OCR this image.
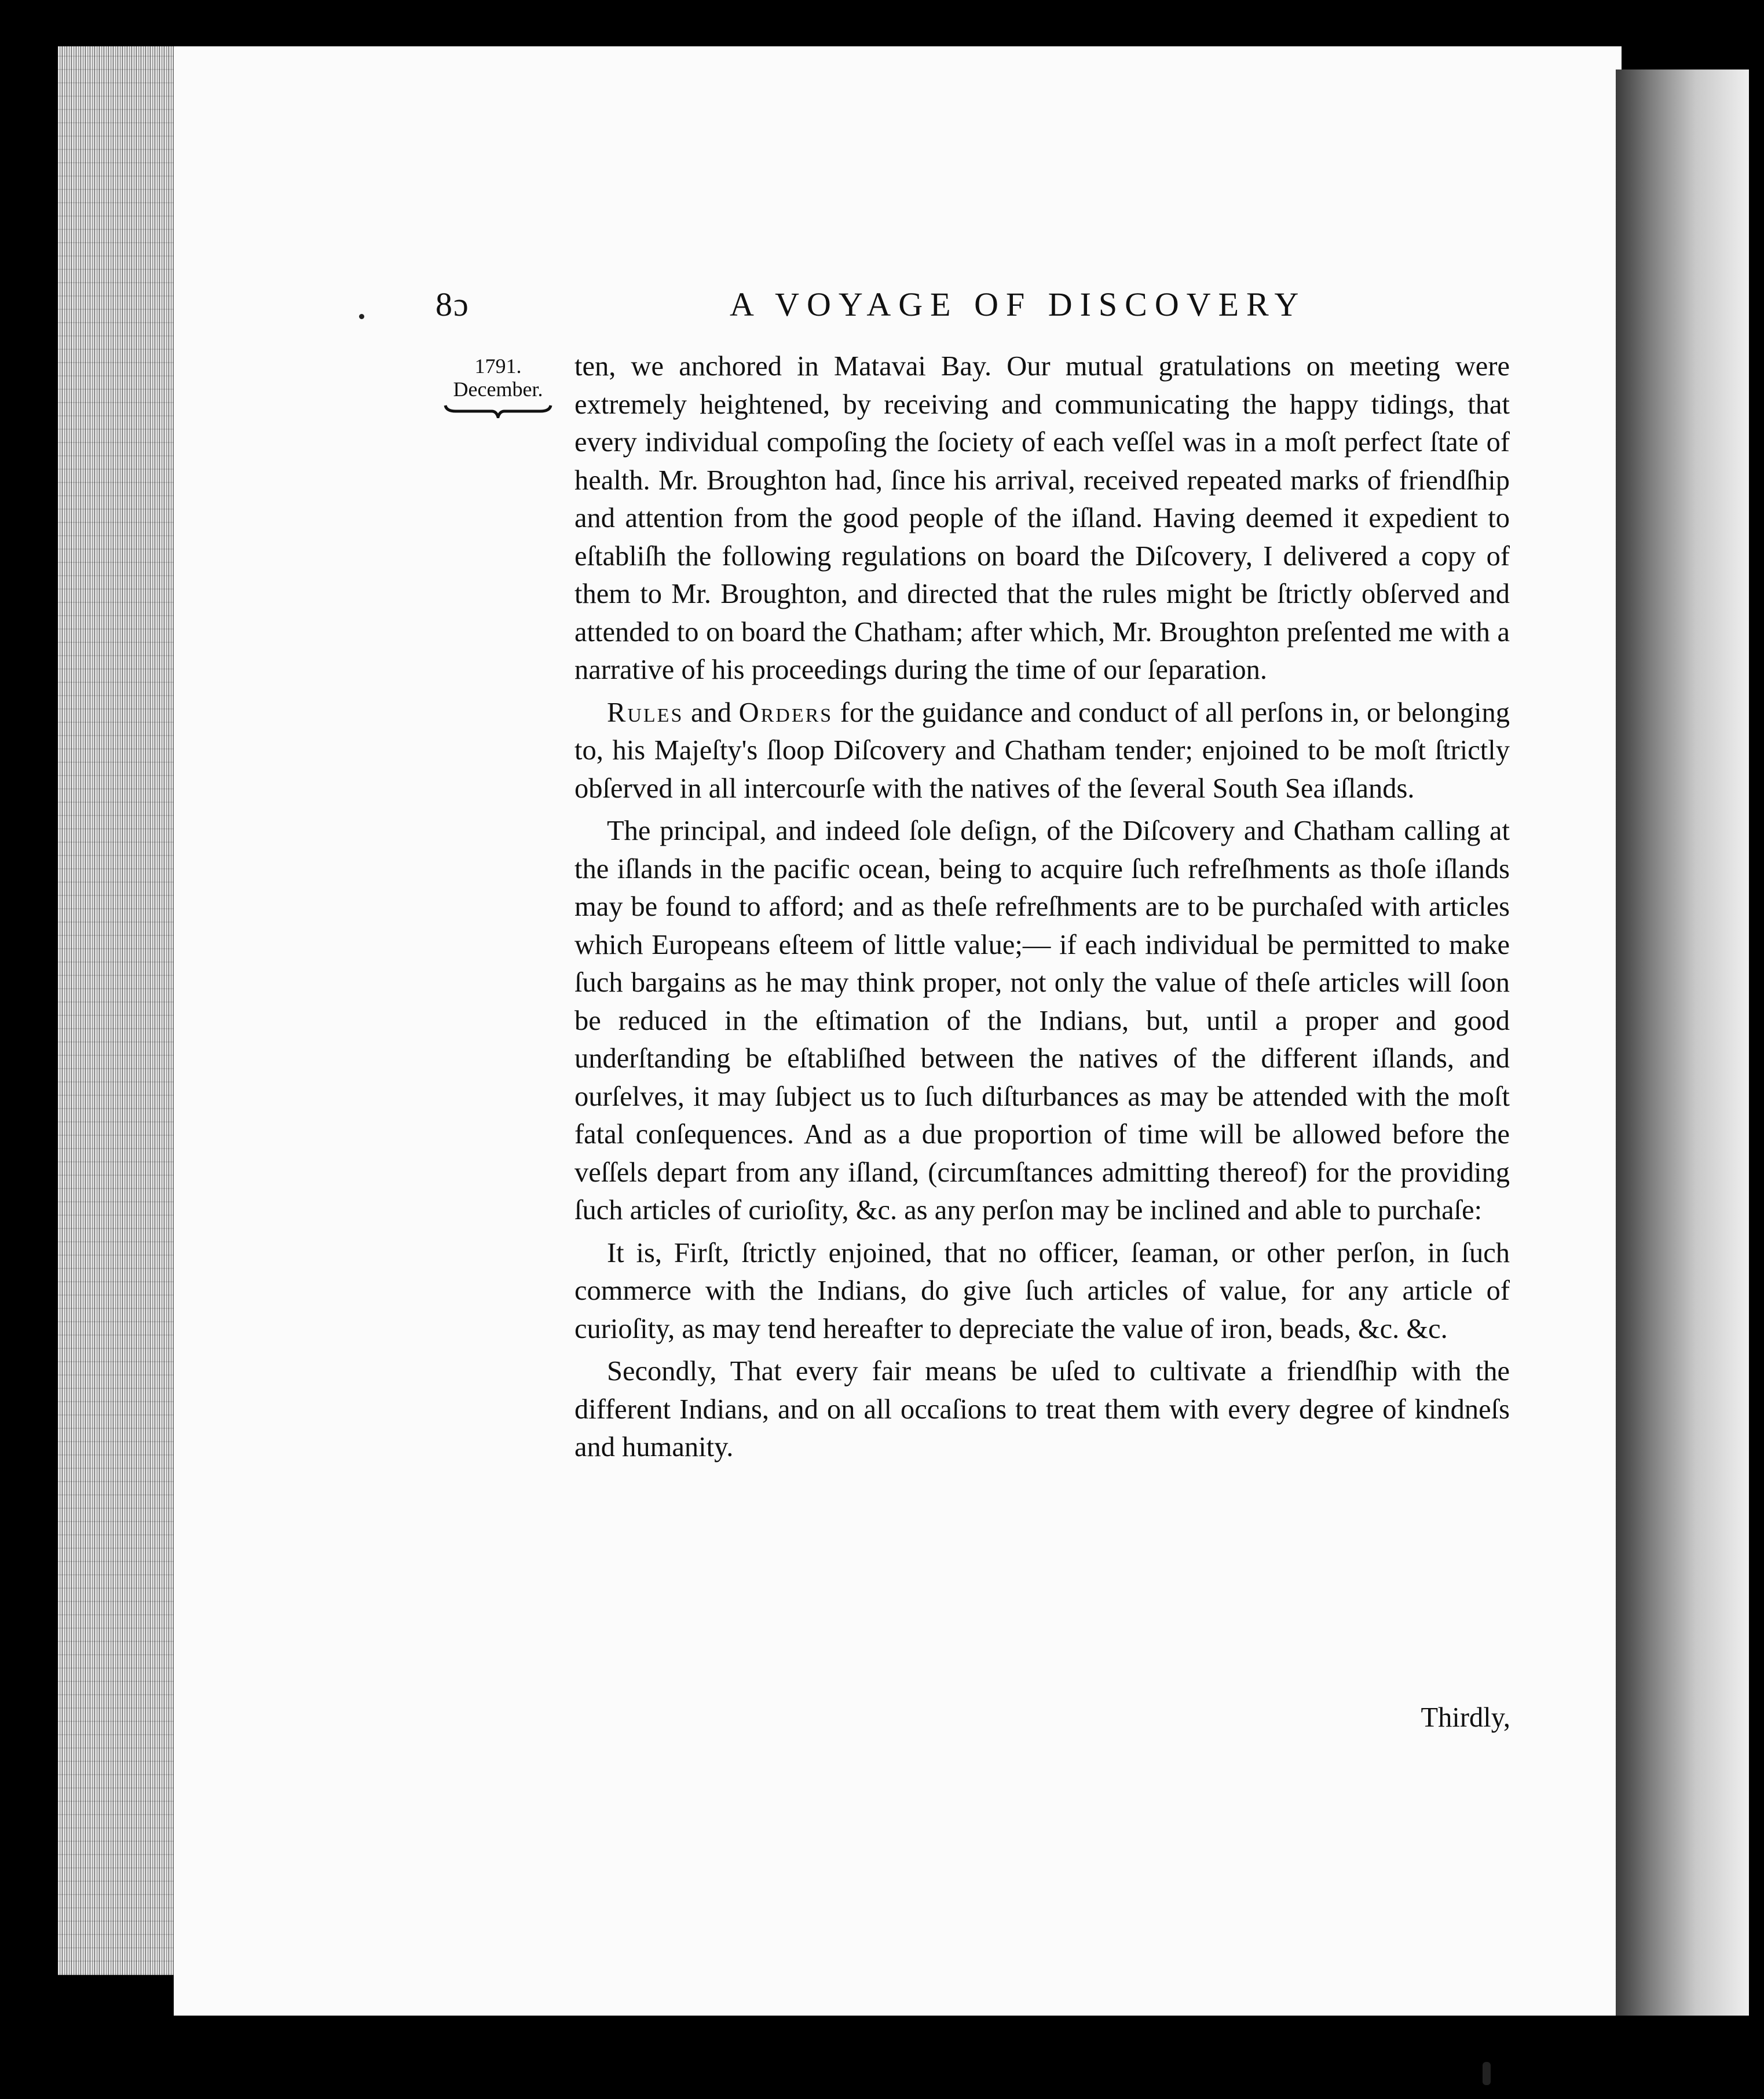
8ɔ	A VOYAGE OF DISCOVERY
1791.
December.

ten, we anchored in Matavai Bay. Our mutual gratulations on meeting were extremely heightened, by receiving and communicating the happy tidings, that every individual compoſing the ſociety of each veſſel was in a moſt perfect ſtate of health. Mr. Broughton had, ſince his arrival, received repeated marks of friendſhip and attention from the good people of the iſland. Having deemed it expedient to eſtabliſh the following regulations on board the Diſcovery, I delivered a copy of them to Mr. Broughton, and directed that the rules might be ſtrictly obſerved and attended to on board the Chatham; after which, Mr. Broughton preſented me with a narrative of his proceedings during the time of our ſeparation.

Rules and Orders for the guidance and conduct of all perſons in, or belonging to, his Majeſty's ſloop Diſcovery and Chatham tender; enjoined to be moſt ſtrictly obſerved in all intercourſe with the natives of the ſeveral South Sea iſlands.

The principal, and indeed ſole deſign, of the Diſcovery and Chatham calling at the iſlands in the pacific ocean, being to acquire ſuch refreſhments as thoſe iſlands may be found to afford; and as theſe refreſhments are to be purchaſed with articles which Europeans eſteem of little value;— if each individual be permitted to make ſuch bargains as he may think proper, not only the value of theſe articles will ſoon be reduced in the eſtimation of the Indians, but, until a proper and good underſtanding be eſtabliſhed between the natives of the different iſlands, and ourſelves, it may ſubject us to ſuch diſturbances as may be attended with the moſt fatal conſequences. And as a due proportion of time will be allowed before the veſſels depart from any iſland, (circumſtances admitting thereof) for the providing ſuch articles of curioſity, &c. as any perſon may be inclined and able to purchaſe:

It is, Firſt, ſtrictly enjoined, that no officer, ſeaman, or other perſon, in ſuch commerce with the Indians, do give ſuch articles of value, for any article of curioſity, as may tend hereafter to depreciate the value of iron, beads, &c. &c.

Secondly, That every fair means be uſed to cultivate a friendſhip with the different Indians, and on all occaſions to treat them with every degree of kindneſs and humanity.

Thirdly,
